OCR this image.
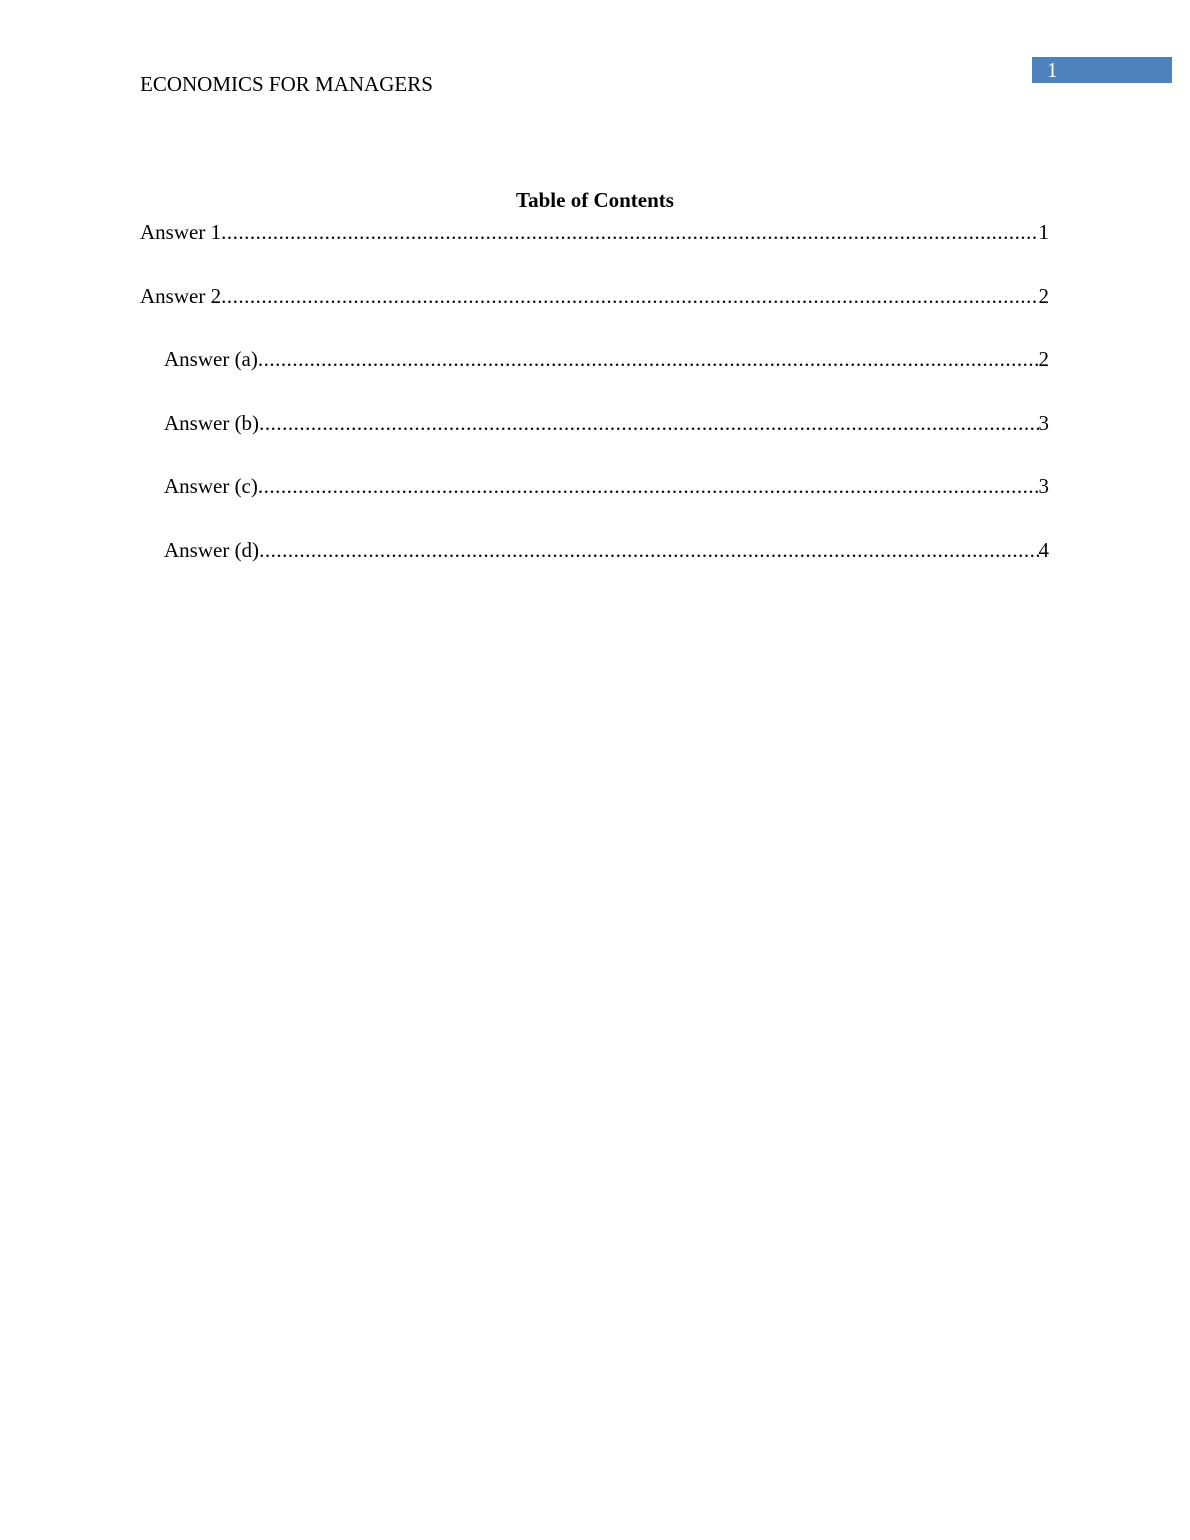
ECONOMICS FOR MANAGERS
1
Table of Contents
Answer 1 .....	1
Answer 2 .....	2
Answer (a) .....	2
Answer (b) .....	3
Answer (c) .....	3
Answer (d) .....	4
